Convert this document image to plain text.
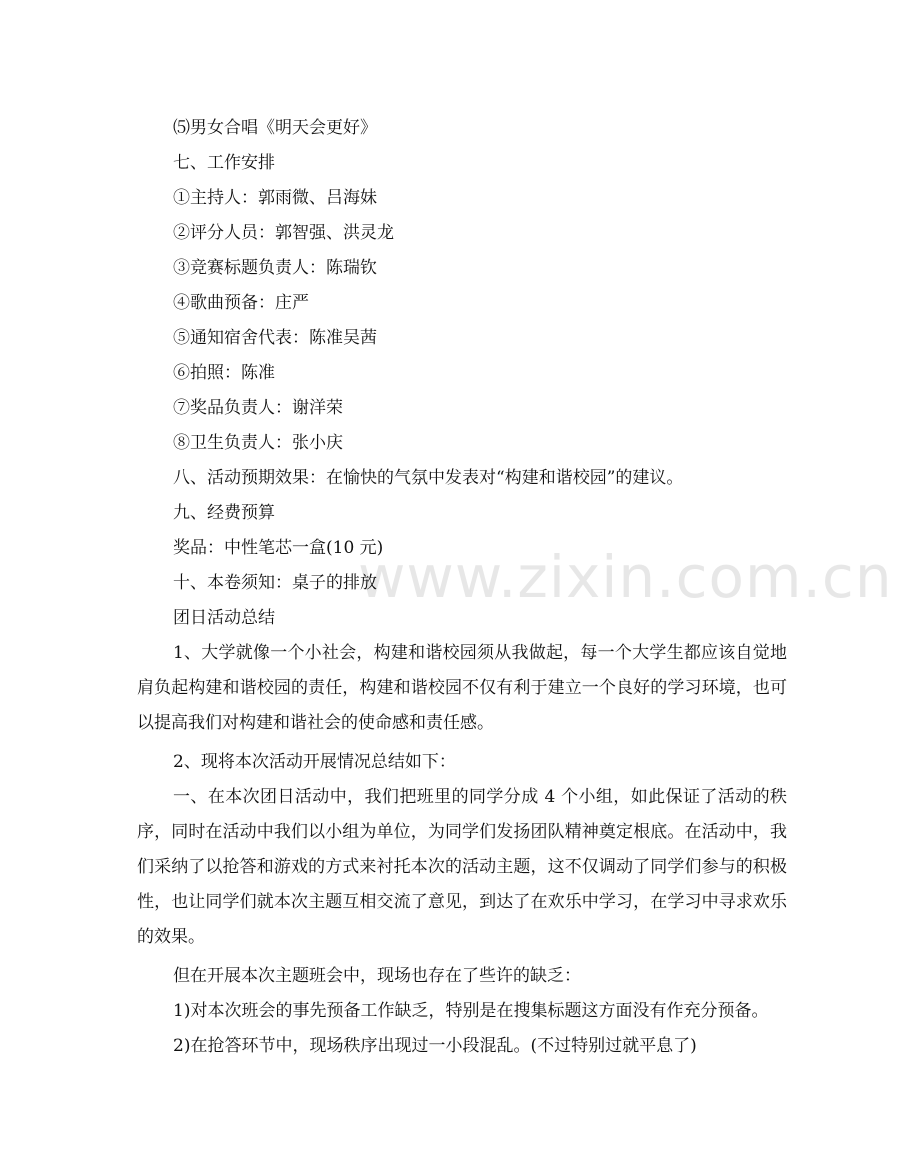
www.zixin.com.cn
⑸男女合唱《明天会更好》
七、工作安排
①主持人：郭雨微、吕海妹
②评分人员：郭智强、洪灵龙
③竞赛标题负责人：陈瑞钦
④歌曲预备：庄严
⑤通知宿舍代表：陈准吴茜
⑥拍照：陈准
⑦奖品负责人：谢洋荣
⑧卫生负责人：张小庆
八、活动预期效果：在愉快的气氛中发表对“构建和谐校园”的建议。
九、经费预算
奖品：中性笔芯一盒(10 元)
十、本卷须知：桌子的排放
团日活动总结
1、大学就像一个小社会，构建和谐校园须从我做起，每一个大学生都应该自觉地肩负起构建和谐校园的责任，构建和谐校园不仅有利于建立一个良好的学习环境，也可以提高我们对构建和谐社会的使命感和责任感。
2、现将本次活动开展情况总结如下：
一、在本次团日活动中，我们把班里的同学分成 4 个小组，如此保证了活动的秩序，同时在活动中我们以小组为单位，为同学们发扬团队精神奠定根底。在活动中，我们采纳了以抢答和游戏的方式来衬托本次的活动主题，这不仅调动了同学们参与的积极性，也让同学们就本次主题互相交流了意见，到达了在欢乐中学习，在学习中寻求欢乐的效果。
但在开展本次主题班会中，现场也存在了些许的缺乏：
1)对本次班会的事先预备工作缺乏，特别是在搜集标题这方面没有作充分预备。
2)在抢答环节中，现场秩序出现过一小段混乱。(不过特别过就平息了)
